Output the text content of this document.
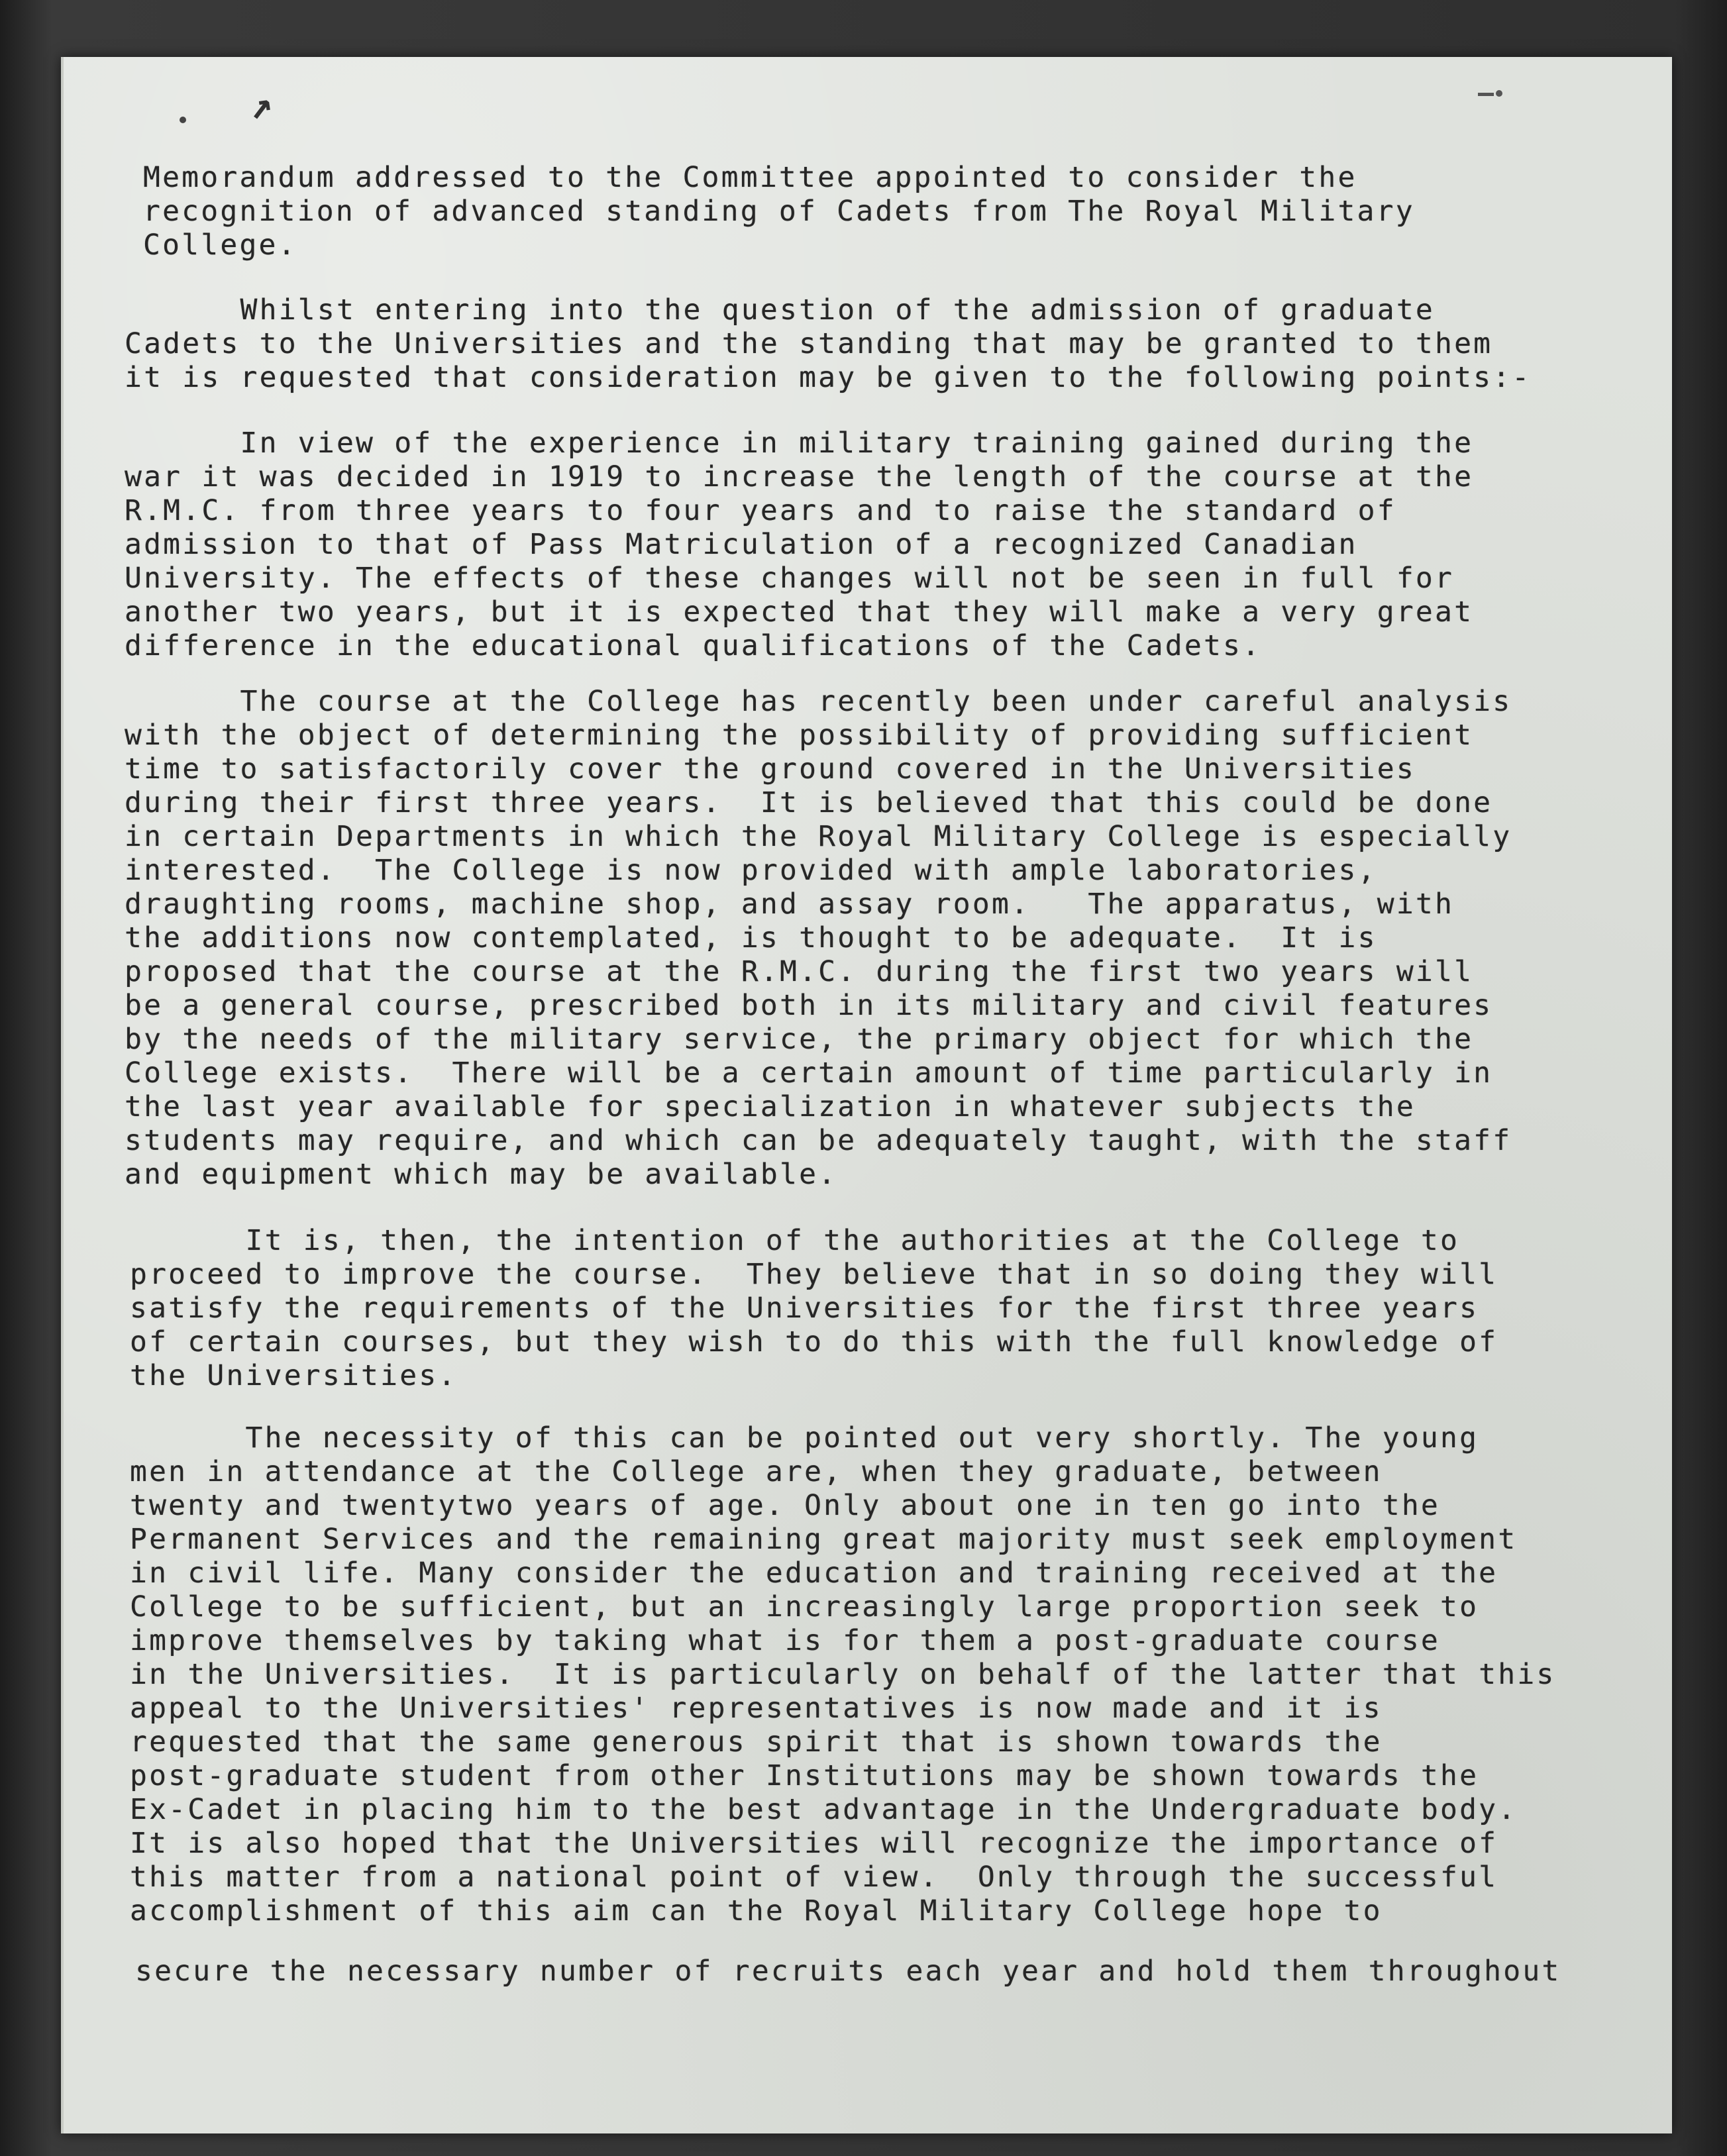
↗
Memorandum addressed to the Committee appointed to consider the
recognition of advanced standing of Cadets from The Royal Military
College.
Whilst entering into the question of the admission of graduate
Cadets to the Universities and the standing that may be granted to them
it is requested that consideration may be given to the following points:-
In view of the experience in military training gained during the
war it was decided in 1919 to increase the length of the course at the
R.M.C. from three years to four years and to raise the standard of
admission to that of Pass Matriculation of a recognized Canadian
University. The effects of these changes will not be seen in full for
another two years, but it is expected that they will make a very great
difference in the educational qualifications of the Cadets.
The course at the College has recently been under careful analysis
with the object of determining the possibility of providing sufficient
time to satisfactorily cover the ground covered in the Universities
during their first three years.  It is believed that this could be done
in certain Departments in which the Royal Military College is especially
interested.  The College is now provided with ample laboratories,
draughting rooms, machine shop, and assay room.   The apparatus, with
the additions now contemplated, is thought to be adequate.  It is
proposed that the course at the R.M.C. during the first two years will
be a general course, prescribed both in its military and civil features
by the needs of the military service, the primary object for which the
College exists.  There will be a certain amount of time particularly in
the last year available for specialization in whatever subjects the
students may require, and which can be adequately taught, with the staff
and equipment which may be available.
It is, then, the intention of the authorities at the College to
proceed to improve the course.  They believe that in so doing they will
satisfy the requirements of the Universities for the first three years
of certain courses, but they wish to do this with the full knowledge of
the Universities.
The necessity of this can be pointed out very shortly. The young
men in attendance at the College are, when they graduate, between
twenty and twentytwo years of age. Only about one in ten go into the
Permanent Services and the remaining great majority must seek employment
in civil life. Many consider the education and training received at the
College to be sufficient, but an increasingly large proportion seek to
improve themselves by taking what is for them a post-graduate course
in the Universities.  It is particularly on behalf of the latter that this
appeal to the Universities' representatives is now made and it is
requested that the same generous spirit that is shown towards the
post-graduate student from other Institutions may be shown towards the
Ex-Cadet in placing him to the best advantage in the Undergraduate body.
It is also hoped that the Universities will recognize the importance of
this matter from a national point of view.  Only through the successful
accomplishment of this aim can the Royal Military College hope to
secure the necessary number of recruits each year and hold them throughout
